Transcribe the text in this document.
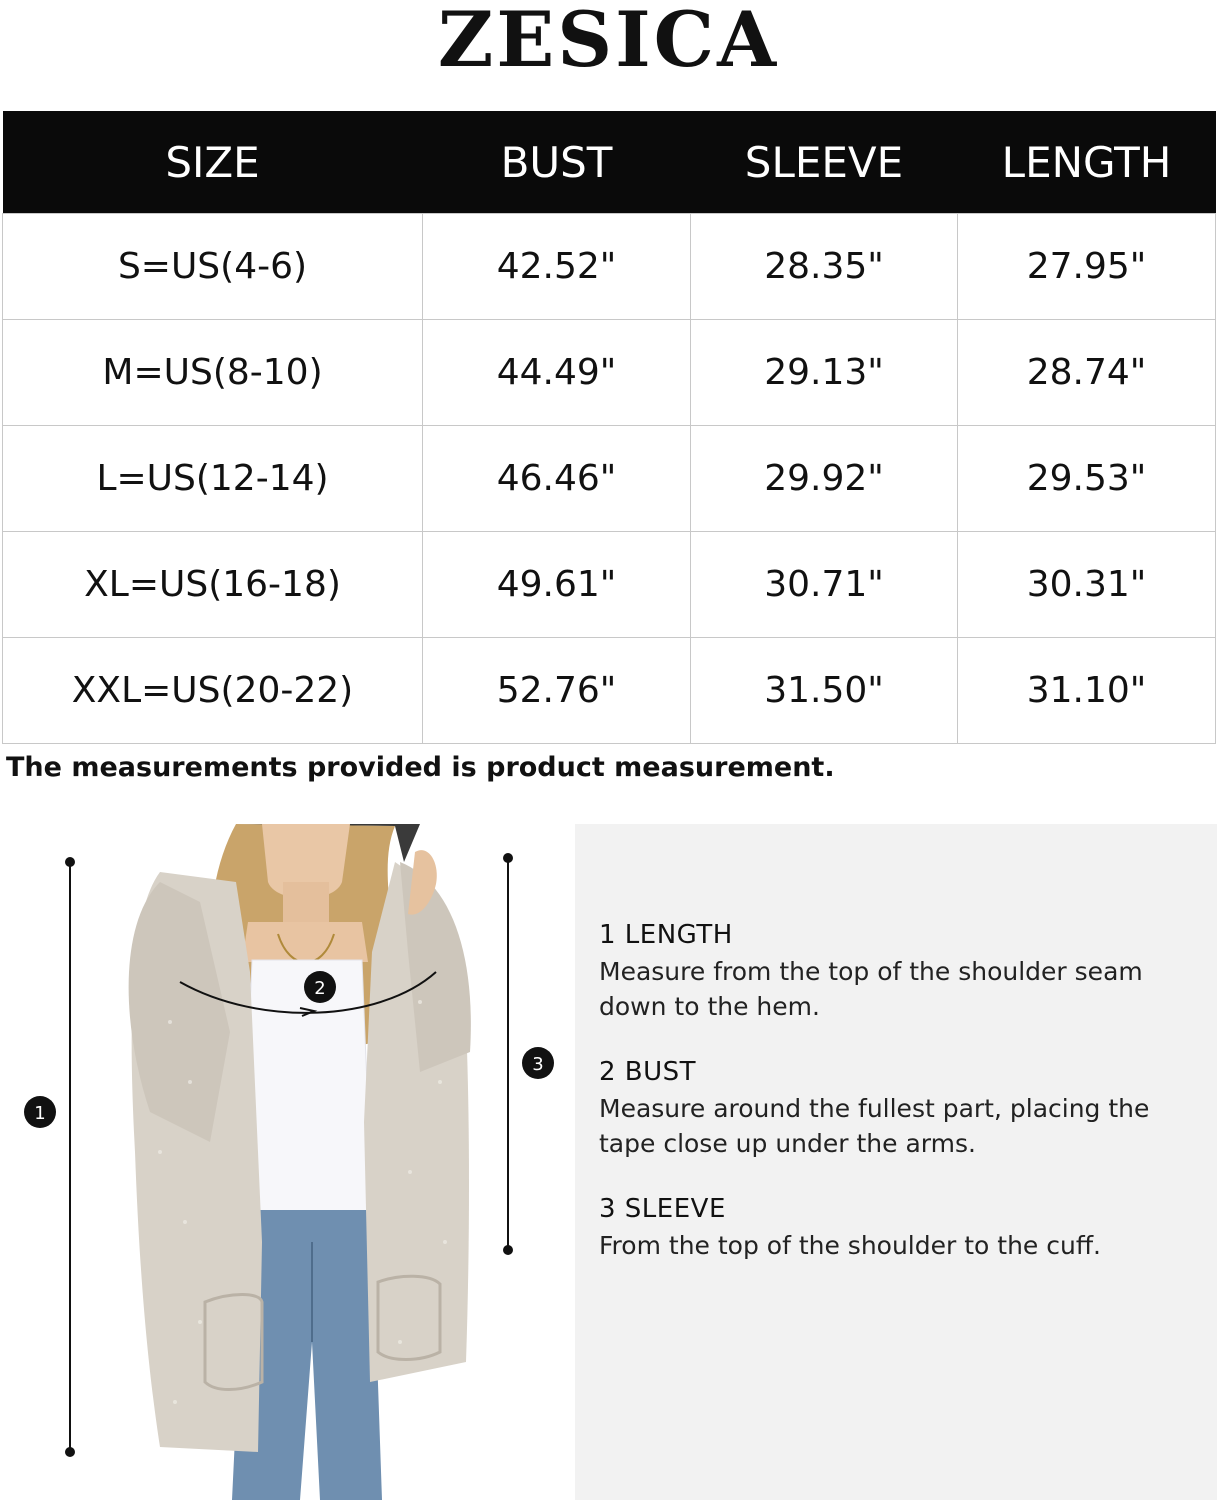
ZESICA
SIZE	BUST	SLEEVE	LENGTH
S=US(4-6)	42.52"	28.35"	27.95"
M=US(8-10)	44.49"	29.13"	28.74"
L=US(12-14)	46.46"	29.92"	29.53"
XL=US(16-18)	49.61"	30.71"	30.31"
XXL=US(20-22)	52.76"	31.50"	31.10"
The measurements provided is product measurement.
1
2
3
1 LENGTH

Measure from the top of the shoulder seam down to the hem.

2 BUST

Measure around the fullest part, placing the tape close up under the arms.

3 SLEEVE

From the top of the shoulder to the cuff.
